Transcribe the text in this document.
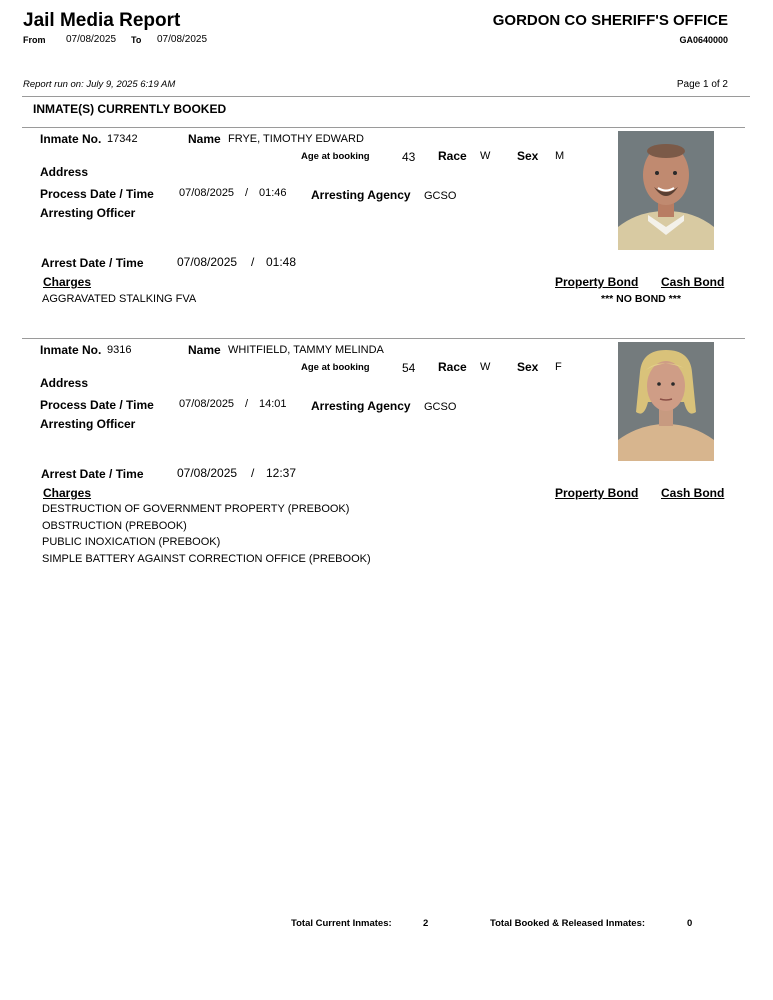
Jail Media Report
From 07/08/2025 To 07/08/2025
GORDON CO SHERIFF'S OFFICE
GA0640000
Report run on: July 9, 2025 6:19 AM	Page 1 of 2
INMATE(S) CURRENTLY BOOKED
Inmate No. 17342	Name FRYE, TIMOTHY EDWARD
Age at booking	43 Race W Sex M
Address
Process Date / Time 07/08/2025 / 01:46 Arresting Agency GCSO
Arresting Officer
Arrest Date / Time	07/08/2025 / 01:48
Charges	Property Bond Cash Bond
AGGRAVATED STALKING FVA	*** NO BOND ***
Inmate No. 9316	Name WHITFIELD, TAMMY MELINDA
Age at booking	54 Race W Sex F
Address
Process Date / Time 07/08/2025 / 14:01 Arresting Agency GCSO
Arresting Officer
Arrest Date / Time	07/08/2025 / 12:37
Charges	Property Bond Cash Bond
DESTRUCTION OF GOVERNMENT PROPERTY (PREBOOK)
OBSTRUCTION (PREBOOK)
PUBLIC INOXICATION (PREBOOK)
SIMPLE BATTERY AGAINST CORRECTION OFFICE (PREBOOK)
Total Current Inmates:	2	Total Booked & Released Inmates:	0
